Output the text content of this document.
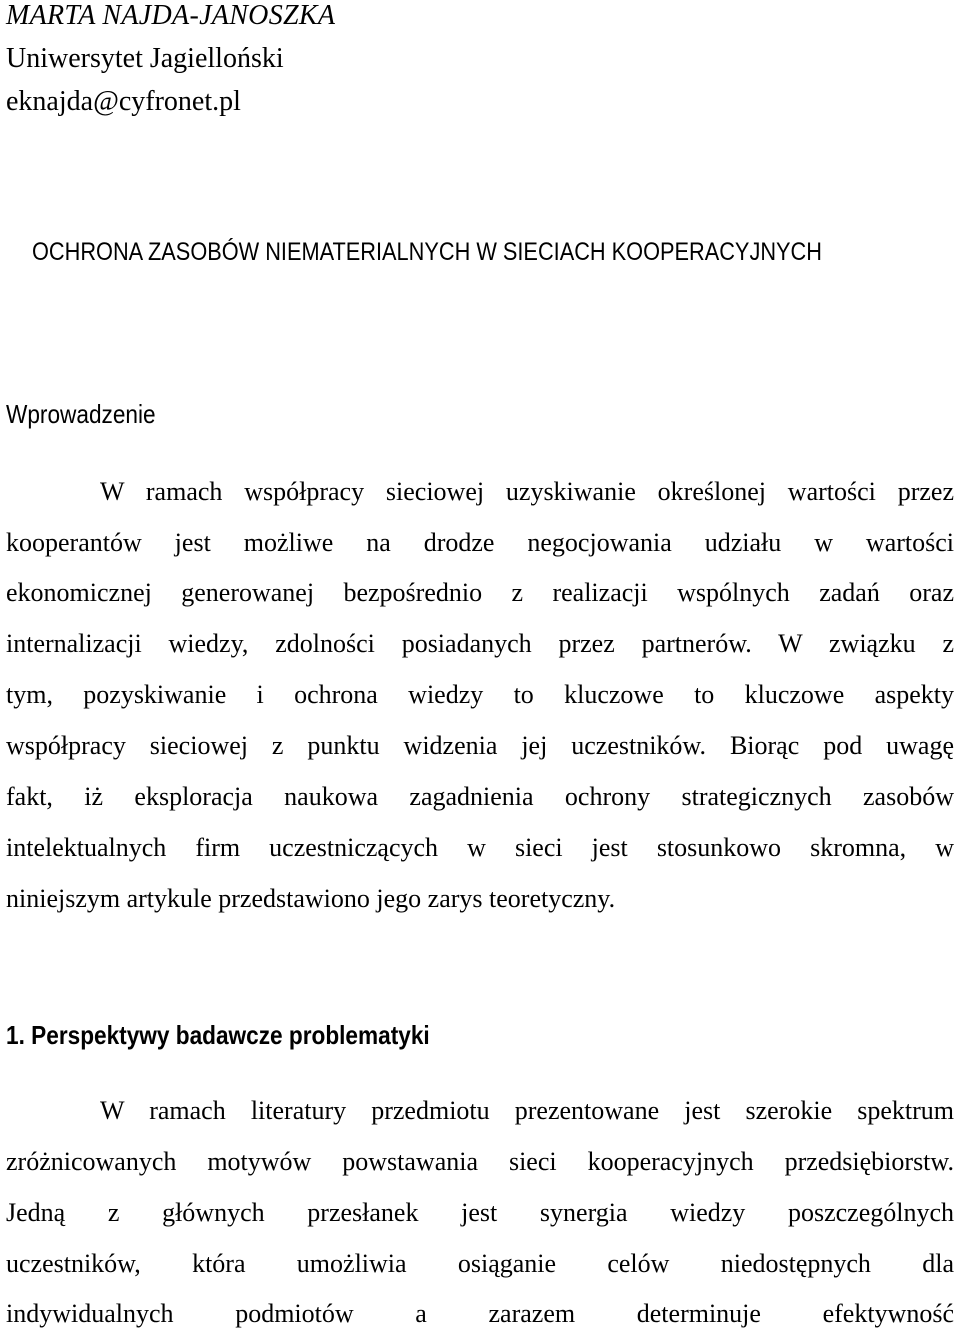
MARTA NAJDA-JANOSZKA
Uniwersytet Jagielloński
eknajda@cyfronet.pl
OCHRONA ZASOBÓW NIEMATERIALNYCH W SIECIACH KOOPERACYJNYCH
Wprowadzenie
W ramach współpracy sieciowej uzyskiwanie określonej wartości przez
kooperantów jest możliwe na drodze negocjowania udziału w wartości
ekonomicznej generowanej bezpośrednio z realizacji wspólnych zadań oraz
internalizacji wiedzy, zdolności posiadanych przez partnerów. W związku z
tym, pozyskiwanie i ochrona wiedzy to kluczowe to kluczowe aspekty
współpracy sieciowej z punktu widzenia jej uczestników. Biorąc pod uwagę
fakt, iż eksploracja naukowa zagadnienia ochrony strategicznych zasobów
intelektualnych firm uczestniczących w sieci jest stosunkowo skromna, w
niniejszym artykule przedstawiono jego zarys teoretyczny.
1. Perspektywy badawcze problematyki
W ramach literatury przedmiotu prezentowane jest szerokie spektrum
zróżnicowanych motywów powstawania sieci kooperacyjnych przedsiębiorstw.
Jedną z głównych przesłanek jest synergia wiedzy poszczególnych
uczestników, która umożliwia osiąganie celów niedostępnych dla
indywidualnych podmiotów a zarazem determinuje efektywność
